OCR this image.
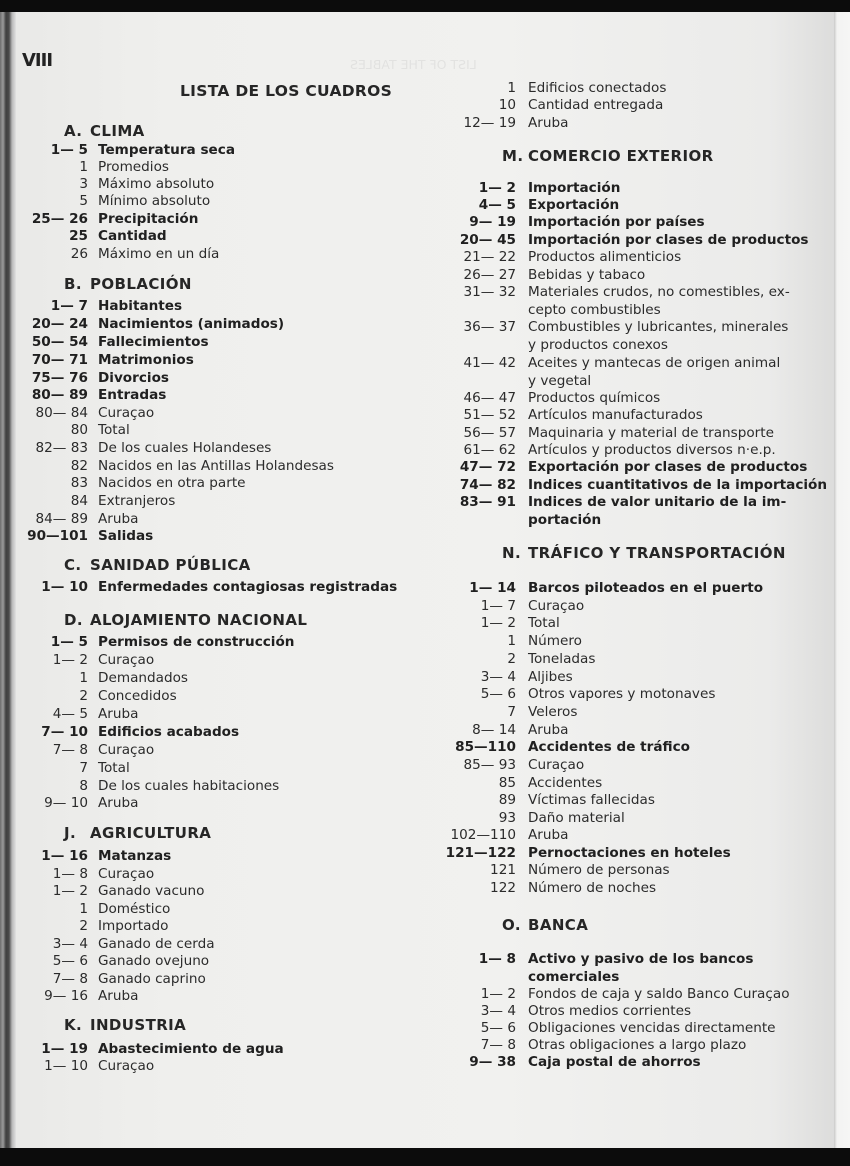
VIII
LISTA DE LOS CUADROS
A. CLIMA
1— 5 Temperatura seca
1 Promedios
3 Máximo absoluto
5 Mínimo absoluto
25— 26 Precipitación
25 Cantidad
26 Máximo en un día
B. POBLACIÓN
1— 7 Habitantes
20— 24 Nacimientos (animados)
50— 54 Fallecimientos
70— 71 Matrimonios
75— 76 Divorcios
80— 89 Entradas
80— 84 Curaçao
80 Total
82— 83 De los cuales Holandeses
82 Nacidos en las Antillas Holandesas
83 Nacidos en otra parte
84 Extranjeros
84— 89 Aruba
90—101 Salidas
C. SANIDAD PÚBLICA
1— 10 Enfermedades contagiosas registradas
D. ALOJAMIENTO NACIONAL
1— 5 Permisos de construcción
1— 2 Curaçao
1 Demandados
2 Concedidos
4— 5 Aruba
7— 10 Edificios acabados
7— 8 Curaçao
7 Total
8 De los cuales habitaciones
9— 10 Aruba
J. AGRICULTURA
1— 16 Matanzas
1— 8 Curaçao
1— 2 Ganado vacuno
1 Doméstico
2 Importado
3— 4 Ganado de cerda
5— 6 Ganado ovejuno
7— 8 Ganado caprino
9— 16 Aruba
K. INDUSTRIA
1— 19 Abastecimiento de agua
1— 10 Curaçao
1 Edificios conectados
10 Cantidad entregada
12— 19 Aruba
M. COMERCIO EXTERIOR
1— 2 Importación
4— 5 Exportación
9— 19 Importación por países
20— 45 Importación por clases de productos
21— 22 Productos alimenticios
26— 27 Bebidas y tabaco
31— 32 Materiales crudos, no comestibles, ex-
cepto combustibles
36— 37 Combustibles y lubricantes, minerales
y productos conexos
41— 42 Aceites y mantecas de origen animal
y vegetal
46— 47 Productos químicos
51— 52 Artículos manufacturados
56— 57 Maquinaria y material de transporte
61— 62 Artículos y productos diversos n·e.p.
47— 72 Exportación por clases de productos
74— 82 Indices cuantitativos de la importación
83— 91 Indices de valor unitario de la im-
portación
N. TRÁFICO Y TRANSPORTACIÓN
1— 14 Barcos piloteados en el puerto
1— 7 Curaçao
1— 2 Total
1 Número
2 Toneladas
3— 4 Aljibes
5— 6 Otros vapores y motonaves
7 Veleros
8— 14 Aruba
85—110 Accidentes de tráfico
85— 93 Curaçao
85 Accidentes
89 Víctimas fallecidas
93 Daño material
102—110 Aruba
121—122 Pernoctaciones en hoteles
121 Número de personas
122 Número de noches
O. BANCA
1— 8 Activo y pasivo de los bancos
comerciales
1— 2 Fondos de caja y saldo Banco Curaçao
3— 4 Otros medios corrientes
5— 6 Obligaciones vencidas directamente
7— 8 Otras obligaciones a largo plazo
9— 38 Caja postal de ahorros
